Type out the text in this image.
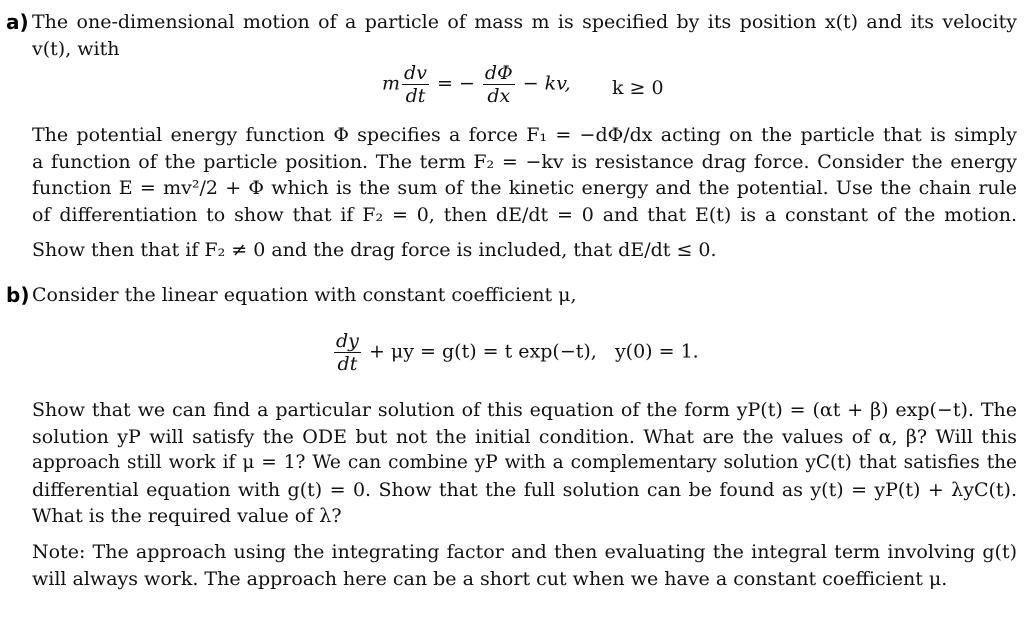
a) The one-dimensional motion of a particle of mass m is specified by its position x(t) and its velocity
v(t), with
m $\frac{dv}{dt}$ = − $\frac{d\Phi}{dx}$ − kv, k ≥ 0
The potential energy function Φ specifies a force F₁ = −dΦ/dx acting on the particle that is simply
a function of the particle position. The term F₂ = −kv is resistance drag force. Consider the energy
function E = mv²/2 + Φ which is the sum of the kinetic energy and the potential. Use the chain rule
of differentiation to show that if F₂ = 0, then dE/dt = 0 and that E(t) is a constant of the motion.
Show then that if F₂ ≠ 0 and the drag force is included, that dE/dt ≤ 0.
b) Consider the linear equation with constant coefficient μ,
$\frac{dy}{dt} + \mu y = g(t) = t$ exp(−t),   y(0) = 1.
Show that we can find a particular solution of this equation of the form yP(t) = (αt + β) exp(−t). The
solution yP will satisfy the ODE but not the initial condition. What are the values of α, β? Will this
approach still work if μ = 1? We can combine yP with a complementary solution yC(t) that satisfies the
differential equation with g(t) = 0. Show that the full solution can be found as y(t) = yP(t) + λyC(t).
What is the required value of λ?
Note: The approach using the integrating factor and then evaluating the integral term involving g(t)
will always work. The approach here can be a short cut when we have a constant coefficient μ.
